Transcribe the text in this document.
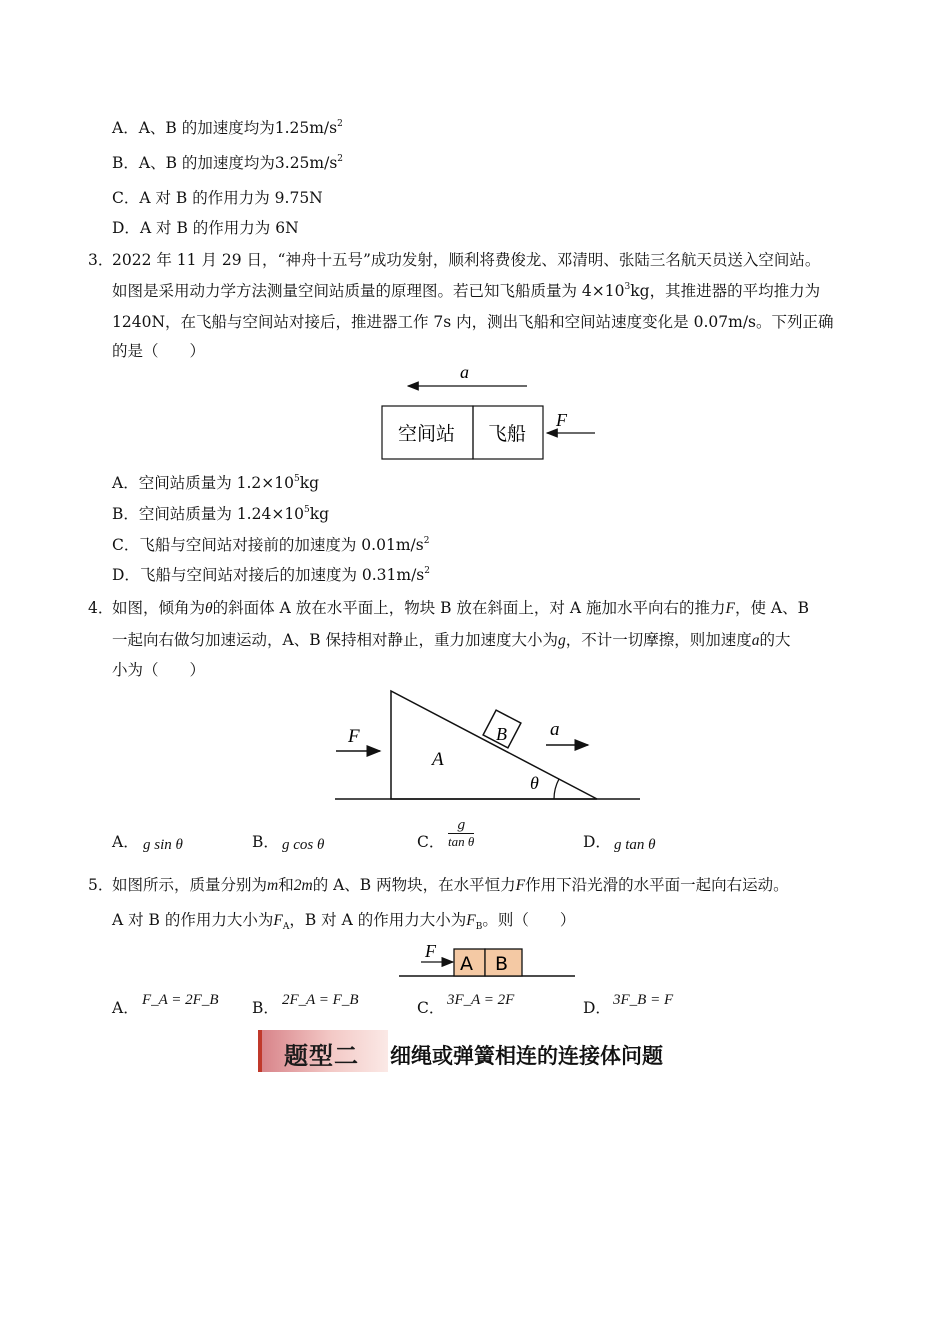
A．A、B 的加速度均为$1.25m/s^2$
B．A、B 的加速度均为$3.25m/s^2$
C．A 对 B 的作用力为 9.75N
D．A 对 B 的作用力为 6N
3．
2022 年 11 月 29 日，“神舟十五号”成功发射，顺利将费俊龙、邓清明、张陆三名航天员送入空间站。
如图是采用动力学方法测量空间站质量的原理图。若已知飞船质量为 $4\times 10^3kg$，其推进器的平均推力为
1240N，在飞船与空间站对接后，推进器工作 7s 内，测出飞船和空间站速度变化是 0.07m/s。下列正确
的是（　　）
a
空间站 飞船
F
A．空间站质量为 $1.2\times 10^5kg$
B．空间站质量为 $1.24\times 10^5kg$
C．飞船与空间站对接前的加速度为 $0.01m/s^2$
D．飞船与空间站对接后的加速度为 $0.31m/s^2$
4．
如图，倾角为θ的斜面体 A 放在水平面上，物块 B 放在斜面上，对 A 施加水平向右的推力F，使 A、B
一起向右做匀加速运动，A、B 保持相对静止，重力加速度大小为g，不计一切摩擦，则加速度a的大
小为（　　）
F	B
A
a
θ
A． g sin θ	B． g cos θ	C． $\frac{g}{\text{tan θ}}$	D． g tan θ
5．
如图所示，质量分别为m和2m的 A、B 两物块，在水平恒力F作用下沿光滑的水平面一起向右运动。
A 对 B 的作用力大小为$F_A$，B 对 A 的作用力大小为$F_B$。则（　　）
A B
F
A． F_A = 2F_B B． 2F_A = F_B	C． 3F_A = 2F	D． 3F_B = F
题型二 细绳或弹簧相连的连接体问题
